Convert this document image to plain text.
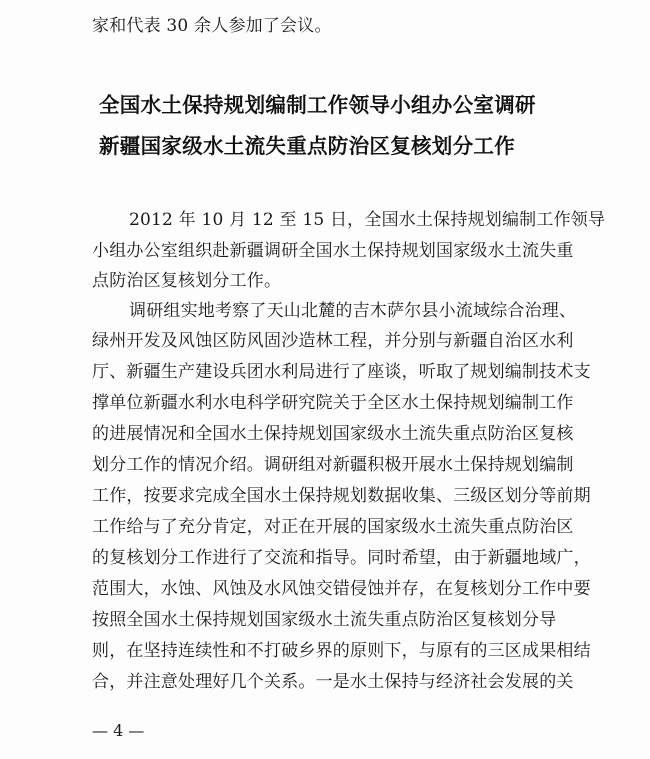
家和代表 30 余人参加了会议。
全国水土保持规划编制工作领导小组办公室调研
新疆国家级水土流失重点防治区复核划分工作
2012 年 10 月 12 至 15 日，全国水土保持规划编制工作领导
小组办公室组织赴新疆调研全国水土保持规划国家级水土流失重
点防治区复核划分工作。
调研组实地考察了天山北麓的吉木萨尔县小流域综合治理、
绿州开发及风蚀区防风固沙造林工程，并分别与新疆自治区水利
厅、新疆生产建设兵团水利局进行了座谈，听取了规划编制技术支
撑单位新疆水利水电科学研究院关于全区水土保持规划编制工作
的进展情况和全国水土保持规划国家级水土流失重点防治区复核
划分工作的情况介绍。调研组对新疆积极开展水土保持规划编制
工作，按要求完成全国水土保持规划数据收集、三级区划分等前期
工作给与了充分肯定，对正在开展的国家级水土流失重点防治区
的复核划分工作进行了交流和指导。同时希望，由于新疆地域广，
范围大，水蚀、风蚀及水风蚀交错侵蚀并存，在复核划分工作中要
按照全国水土保持规划国家级水土流失重点防治区复核划分导
则，在坚持连续性和不打破乡界的原则下，与原有的三区成果相结
合，并注意处理好几个关系。一是水土保持与经济社会发展的关
— 4 —
